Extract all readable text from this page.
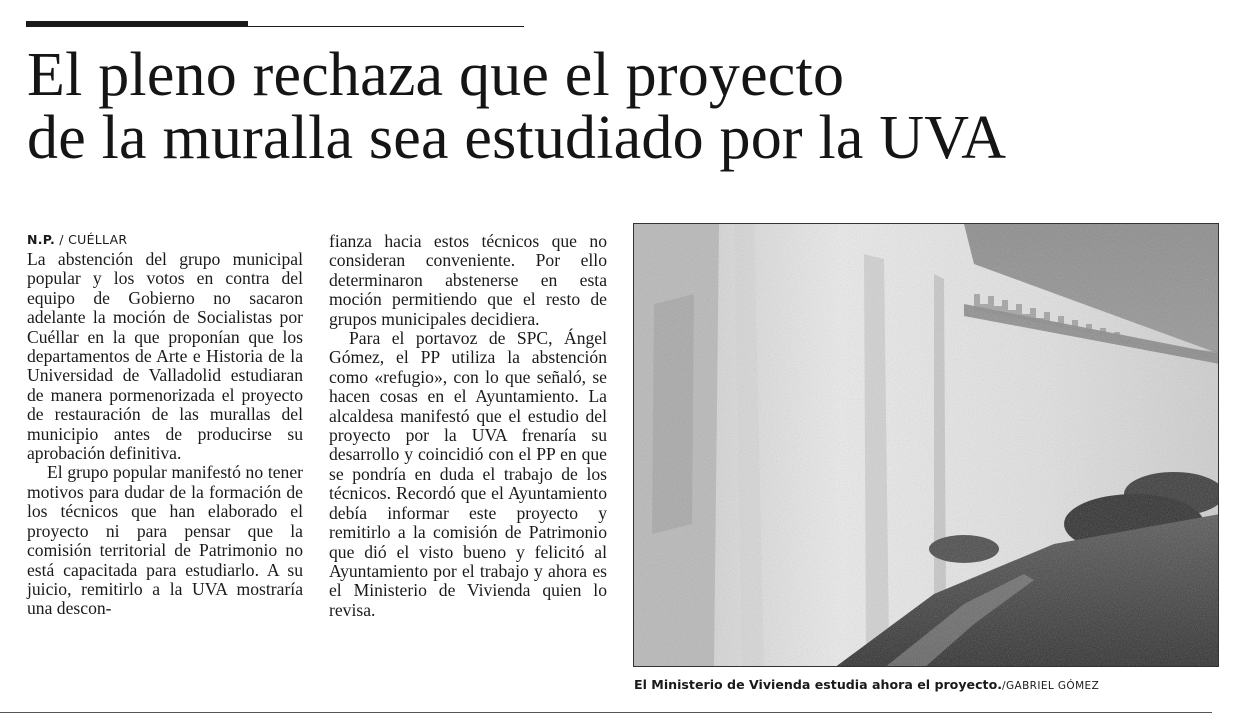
El pleno rechaza que el proyecto
de la muralla sea estudiado por la UVA
N.P. / CUÉLLAR

La abstención del grupo municipal popular y los votos en contra del equipo de Gobierno no sacaron adelante la moción de Socialistas por Cuéllar en la que proponían que los departamentos de Arte e Historia de la Universidad de Valladolid estudiaran de manera pormenorizada el proyecto de restauración de las murallas del municipio antes de producirse su aprobación definitiva.

El grupo popular manifestó no tener motivos para dudar de la formación de los técnicos que han elaborado el proyecto ni para pensar que la comisión territorial de Patrimonio no está capacitada para estudiarlo. A su juicio, remitirlo a la UVA mostraría una descon-

fianza hacia estos técnicos que no consideran conveniente. Por ello determinaron abstenerse en esta moción permitiendo que el resto de grupos municipales decidiera.

Para el portavoz de SPC, Ángel Gómez, el PP utiliza la abstención como «refugio», con lo que señaló, se hacen cosas en el Ayuntamiento. La alcaldesa manifestó que el estudio del proyecto por la UVA frenaría su desarrollo y coincidió con el PP en que se pondría en duda el trabajo de los técnicos. Recordó que el Ayuntamiento debía informar este proyecto y remitirlo a la comisión de Patrimonio que dió el visto bueno y felicitó al Ayuntamiento por el trabajo y ahora es el Ministerio de Vivienda quien lo revisa.

El Ministerio de Vivienda estudia ahora el proyecto./GABRIEL GÓMEZ
